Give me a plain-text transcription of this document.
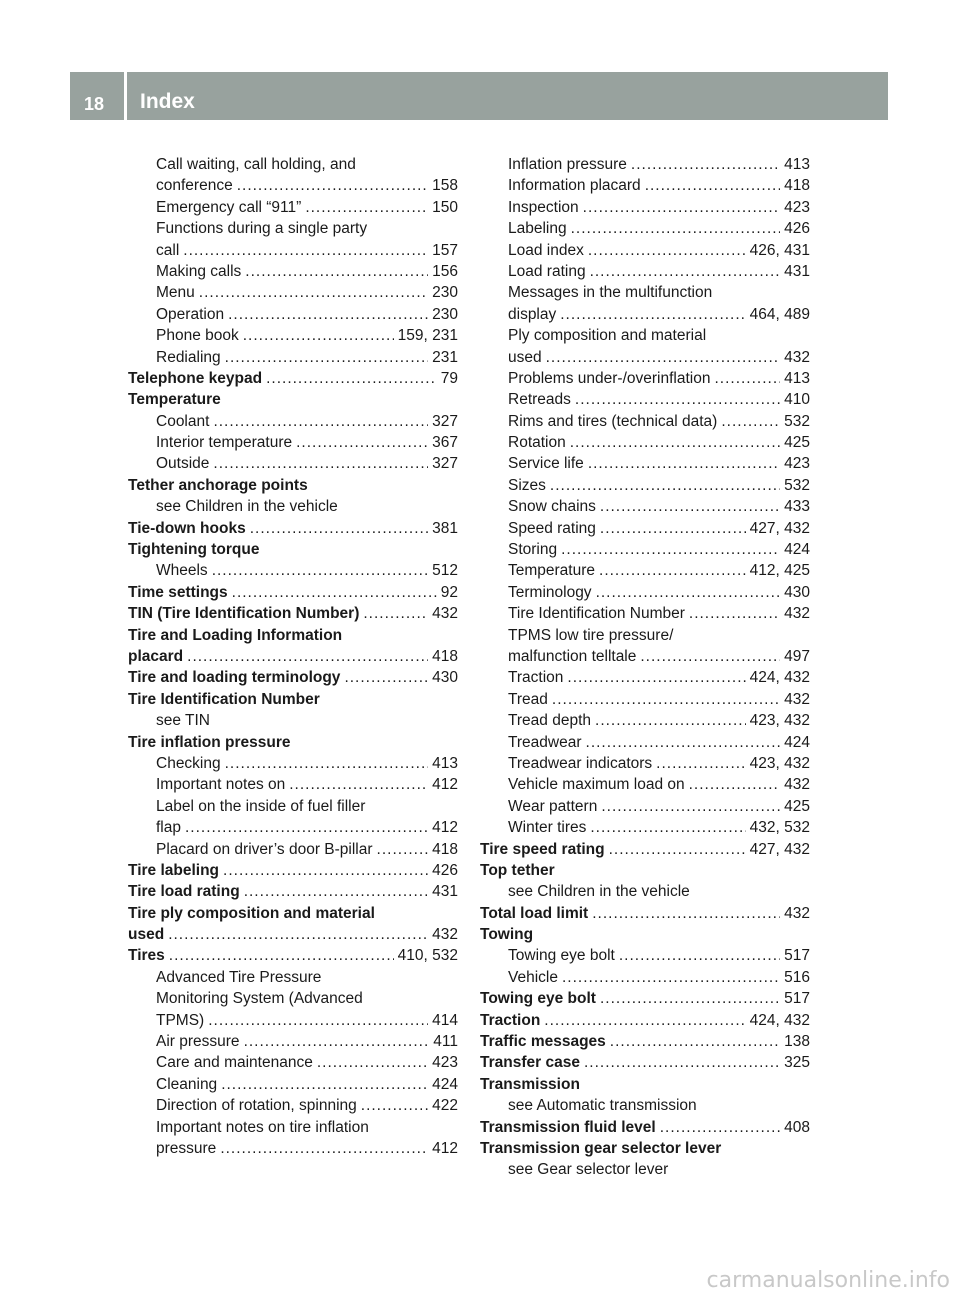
18 Index
Call waiting, call holding, and
conference .....	158
Emergency call “911” .....	150
Functions during a single party
call .....	157
Making calls .....	156
Menu .....	230
Operation .....	230
Phone book .....	159, 231
Redialing .....	231
Telephone keypad .....	79
Temperature
Coolant .....	327
Interior temperature .....	367
Outside .....	327
Tether anchorage points
see Children in the vehicle
Tie-down hooks .....	381
Tightening torque
Wheels .....	512
Time settings .....	92
TIN (Tire Identification Number) .....	432
Tire and Loading Information
placard .....	418
Tire and loading terminology .....	430
Tire Identification Number
see TIN
Tire inflation pressure
Checking .....	413
Important notes on .....	412
Label on the inside of fuel filler
flap .....	412
Placard on driver’s door B-pillar .....	418
Tire labeling .....	426
Tire load rating .....	431
Tire ply composition and material
used .....	432
Tires .....	410, 532
Advanced Tire Pressure
Monitoring System (Advanced
TPMS) .....	414
Air pressure .....	411
Care and maintenance .....	423
Cleaning .....	424
Direction of rotation, spinning .....	422
Important notes on tire inflation
pressure .....	412
Inflation pressure .....	413
Information placard .....	418
Inspection .....	423
Labeling .....	426
Load index .....	426, 431
Load rating .....	431
Messages in the multifunction
display .....	464, 489
Ply composition and material
used .....	432
Problems under-/overinflation .....	413
Retreads .....	410
Rims and tires (technical data) .....	532
Rotation .....	425
Service life .....	423
Sizes .....	532
Snow chains .....	433
Speed rating .....	427, 432
Storing .....	424
Temperature .....	412, 425
Terminology .....	430
Tire Identification Number .....	432
TPMS low tire pressure/
malfunction telltale .....	497
Traction .....	424, 432
Tread .....	432
Tread depth .....	423, 432
Treadwear .....	424
Treadwear indicators .....	423, 432
Vehicle maximum load on .....	432
Wear pattern .....	425
Winter tires .....	432, 532
Tire speed rating .....	427, 432
Top tether
see Children in the vehicle
Total load limit .....	432
Towing
Towing eye bolt .....	517
Vehicle .....	516
Towing eye bolt .....	517
Traction .....	424, 432
Traffic messages .....	138
Transfer case .....	325
Transmission
see Automatic transmission
Transmission fluid level .....	408
Transmission gear selector lever
see Gear selector lever
carmanualsonline.info
